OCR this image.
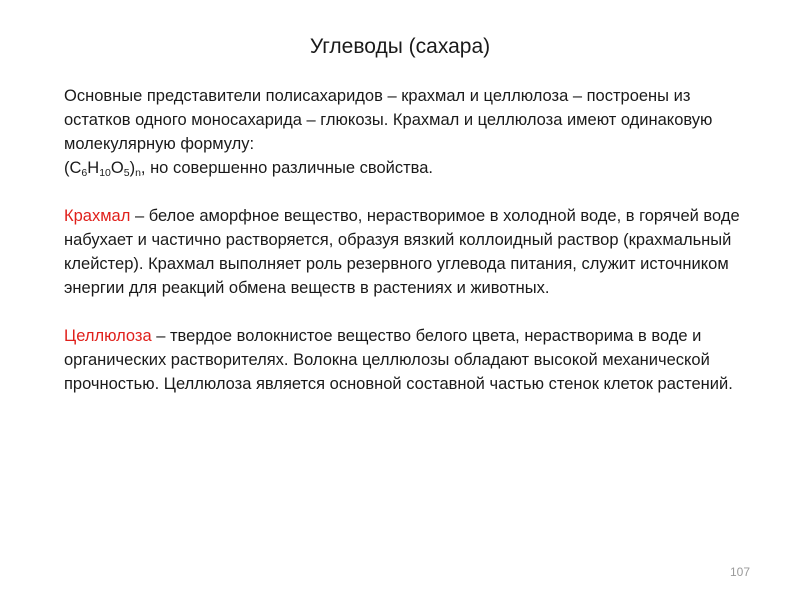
Углеводы (сахара)

Основные представители полисахаридов – крахмал и целлюлоза – построены из остатков одного моносахарида – глюкозы. Крахмал и целлюлоза имеют одинаковую молекулярную формулу:
$(C_6H_{10}O_5)_n$, но совершенно различные свойства.

Крахмал – белое аморфное вещество, нерастворимое в холодной воде, в горячей воде набухает и частично растворяется, образуя вязкий коллоидный раствор (крахмальный клейстер). Крахмал выполняет роль резервного углевода питания, служит источником энергии для реакций обмена веществ в растениях и животных.

Целлюлоза – твердое волокнистое вещество белого цвета, нерастворима в воде и органических растворителях. Волокна целлюлозы обладают высокой механической прочностью. Целлюлоза является основной составной частью стенок клеток растений.

107
